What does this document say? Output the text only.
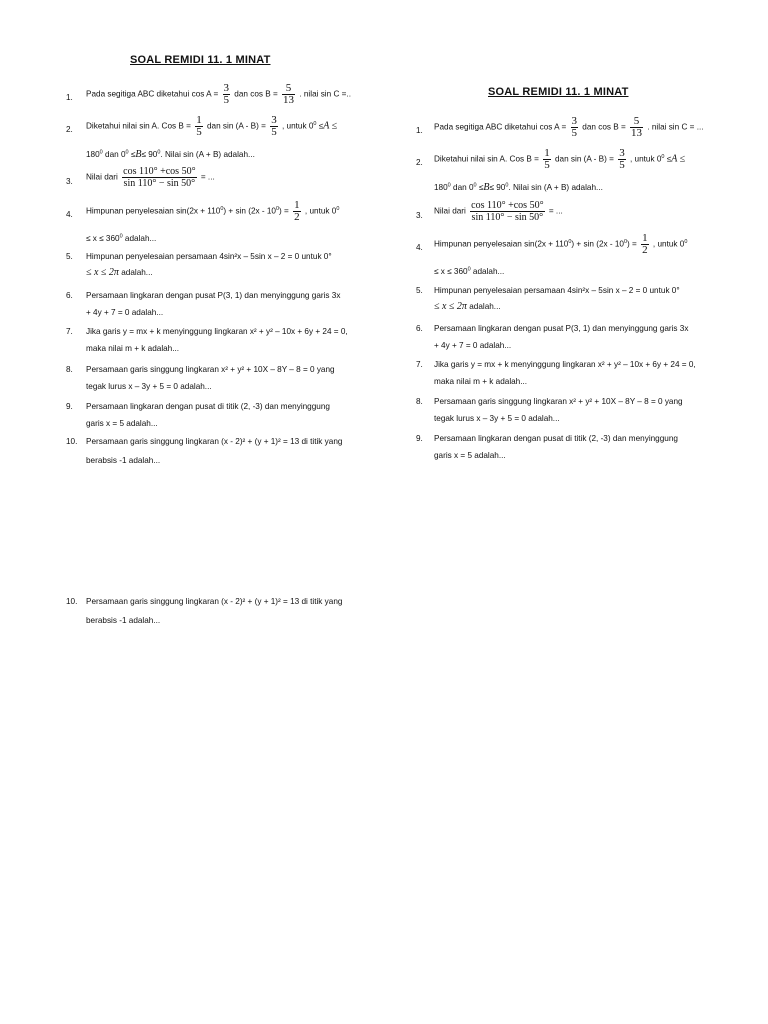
SOAL REMIDI 11. 1 MINAT
1.	Pada segitiga ABC diketahui $\cos A = \frac{3}{5}$ dan $\cos B = \frac{5}{13}$ . nilai sin C =..
2.	Diketahui nilai sin A. Cos $B = \frac{1}{5}$ dan $\sin (A - B) = \frac{3}{5}$ , untuk $0^0 \le A$ ≤
$180^0$ dan $0^0 \le B\le 90^0$. Nilai sin (A + B) adalah...
3.	Nilai dari $\frac{\cos 110^\circ +\cos 50^\circ}{\sin 110^\circ - \sin 50^\circ}$ = ...
4.	Himpunan penyelesaian $\sin(2x + 110^0) + \sin (2x - 10^0) = \frac{1}{2}$ , untuk $0^0$
≤ $x \le 360^0$ adalah...
5.	Himpunan penyelesaian persamaan 4sin²x – 5sin x – 2 = 0 untuk 0°
≤ x ≤ 2π adalah...
6.	Persamaan lingkaran dengan pusat P(3, 1) dan menyinggung garis 3x
+ 4y + 7 = 0 adalah...
7.	Jika garis y = mx + k menyinggung lingkaran x² + y² – 10x + 6y + 24 = 0,
maka nilai m + k adalah...
8.	Persamaan garis singgung lingkaran x² + y² + 10X – 8Y – 8 = 0 yang
tegak lurus x – 3y + 5 = 0 adalah...
9.	Persamaan lingkaran dengan pusat di titik (2, -3) dan menyinggung
garis x = 5 adalah...
10.	Persamaan garis singgung lingkaran (x - 2)² + (y + 1)² = 13 di titik yang
berabsis -1 adalah...
10.	Persamaan garis singgung lingkaran (x - 2)² + (y + 1)² = 13 di titik yang
berabsis -1 adalah...
SOAL REMIDI 11. 1 MINAT
1.	Pada segitiga ABC diketahui $\cos A = \frac{3}{5}$ dan $\cos B = \frac{5}{13}$ . nilai sin C = ...
2.	Diketahui nilai sin A. Cos $B = \frac{1}{5}$ dan $\sin (A - B) = \frac{3}{5}$ , untuk $0^0 \le A$ ≤
$180^0$ dan $0^0 \le B\le 90^0$. Nilai sin (A + B) adalah...
3.	Nilai dari $\frac{\cos 110^\circ +\cos 50^\circ}{\sin 110^\circ - \sin 50^\circ}$ = ...
4.	Himpunan penyelesaian $\sin(2x + 110^0) + \sin (2x - 10^0) = \frac{1}{2}$ , untuk $0^0$
≤ $x \le 360^0$ adalah...
5.	Himpunan penyelesaian persamaan 4sin²x – 5sin x – 2 = 0 untuk 0°
≤ x ≤ 2π adalah...
6.	Persamaan lingkaran dengan pusat P(3, 1) dan menyinggung garis 3x
+ 4y + 7 = 0 adalah...
7.	Jika garis y = mx + k menyinggung lingkaran x² + y² – 10x + 6y + 24 = 0,
maka nilai m + k adalah...
8.	Persamaan garis singgung lingkaran x² + y² + 10X – 8Y – 8 = 0 yang
tegak lurus x – 3y + 5 = 0 adalah...
9.	Persamaan lingkaran dengan pusat di titik (2, -3) dan menyinggung
garis x = 5 adalah...
